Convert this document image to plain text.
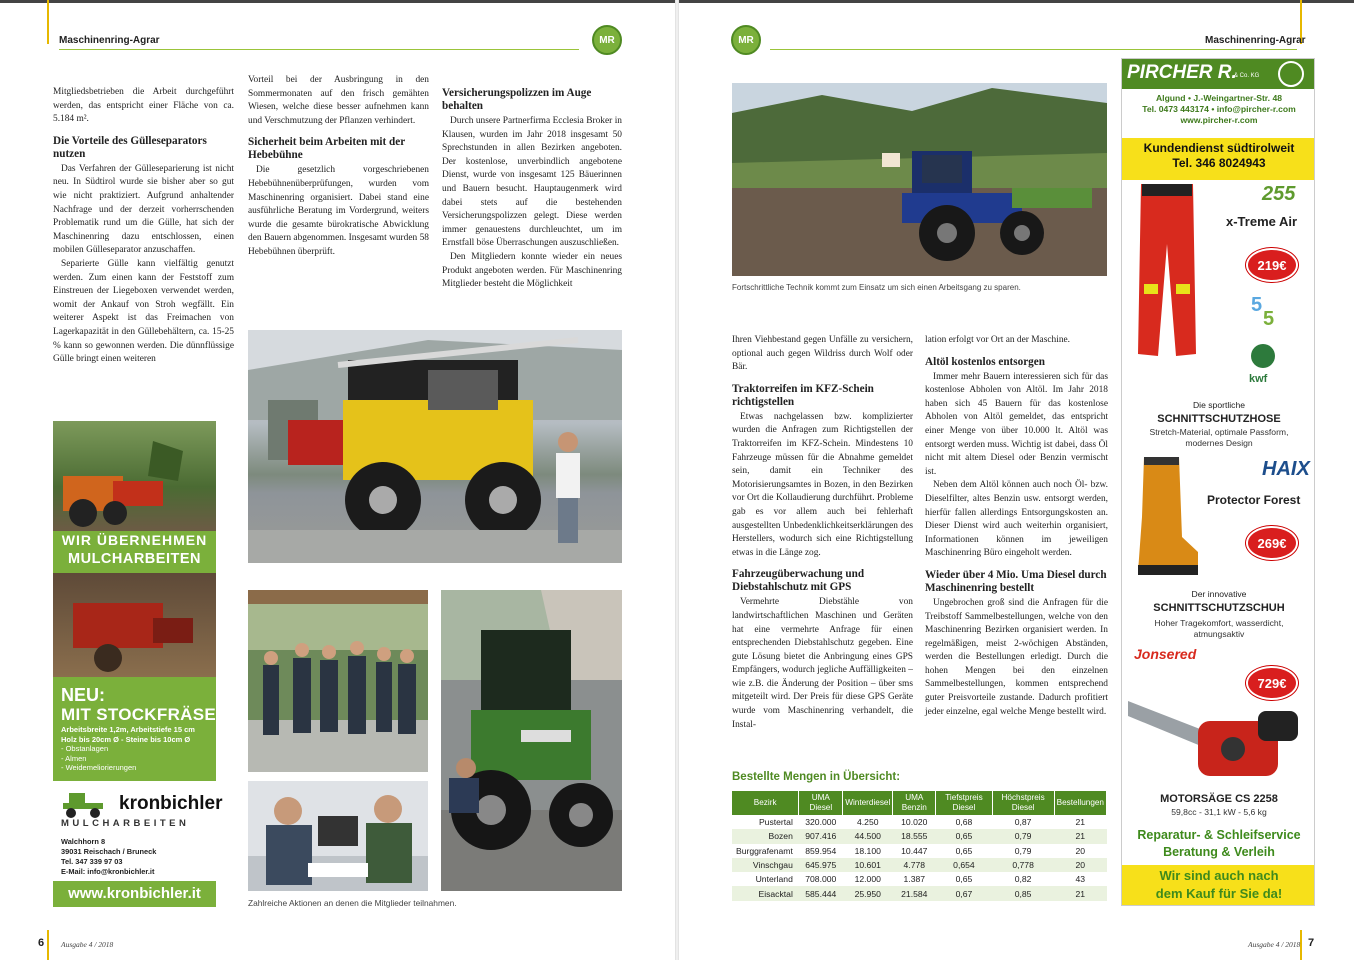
Maschinenring-Agrar	MR	MR	Maschinenring-Agrar

Mitgliedsbetrieben die Arbeit durchgeführt werden, das entspricht einer Fläche von ca. 5.184 m².

Die Vorteile des Gülleseparators nutzen

Das Verfahren der Gülleseparierung ist nicht neu. In Südtirol wurde sie bisher aber so gut wie nicht praktiziert. Aufgrund anhaltender Nachfrage und der derzeit vorherrschenden Problematik rund um die Gülle, hat sich der Maschinenring dazu entschlossen, einen mobilen Gülleseparator anzuschaffen.

Separierte Gülle kann vielfältig genutzt werden. Zum einen kann der Feststoff zum Einstreuen der Liegeboxen verwendet werden, womit der Ankauf von Stroh wegfällt. Ein weiterer Aspekt ist das Freimachen von Lagerkapazität in den Güllebehältern, ca. 15-25 % kann so gewonnen werden. Die dünnflüssige Gülle bringt einen weiteren

Vorteil bei der Ausbringung in den Sommermonaten auf den frisch gemähten Wiesen, welche diese besser aufnehmen kann und Verschmutzung der Pflanzen verhindert.

Sicherheit beim Arbeiten mit der Hebebühne

Die gesetzlich vorgeschriebenen Hebebühnenüberprüfungen, wurden vom Maschinenring organisiert. Dabei stand eine ausführliche Beratung im Vordergrund, weiters wurde die gesamte bürokratische Abwicklung den Bauern abgenommen. Insgesamt wurden 58 Hebebühnen überprüft.

Versicherungspolizzen im Auge behalten

Durch unsere Partnerfirma Ecclesia Broker in Klausen, wurden im Jahr 2018 insgesamt 50 Sprechstunden in allen Bezirken angeboten. Der kostenlose, unverbindlich angebotene Dienst, wurde von insgesamt 125 Bäuerinnen und Bauern besucht. Hauptaugenmerk wird dabei stets auf die bestehenden Versicherungspolizzen gelegt. Diese werden immer genauestens durchleuchtet, um im Ernstfall böse Überraschungen auszuschließen.

Den Mitgliedern konnte wieder ein neues Produkt angeboten werden. Für Maschinenring Mitglieder besteht die Möglichkeit

Zahlreiche Aktionen an denen die Mitglieder teilnahmen.
WIR ÜBERNEHMEN
MULCHARBEITEN
NEU:
MIT STOCKFRÄSE
Arbeitsbreite 1,2m, Arbeitstiefe 15 cm
Holz bis 20cm Ø - Steine bis 10cm Ø
- Obstanlagen
- Almen
- Weidemeliorierungen
kronbichler
MULCHARBEITEN
Walchhorn 8
39031 Reischach / Bruneck
Tel. 347 339 97 03
E-Mail: info@kronbichler.it
www.kronbichler.it
6 Ausgabe 4 / 2018
Fortschrittliche Technik kommt zum Einsatz um sich einen Arbeitsgang zu sparen.

Ihren Viehbestand gegen Unfälle zu versichern, optional auch gegen Wildriss durch Wolf oder Bär.

Traktorreifen im KFZ-Schein richtigstellen

Etwas nachgelassen bzw. komplizierter wurden die Anfragen zum Richtigstellen der Traktorreifen im KFZ-Schein. Mindestens 10 Fahrzeuge müssen für die Abnahme gemeldet sein, damit ein Techniker des Motorisierungsamtes in Bozen, in den Bezirken vor Ort die Kollaudierung durchführt. Probleme gab es vor allem auch bei fehlerhaft ausgestellten Unbedenklichkeitserklärungen des Herstellers, wodurch sich eine Richtigstellung etwas in die Länge zog.

Fahrzeugüberwachung und Diebstahlschutz mit GPS

Vermehrte Diebstähle von landwirtschaftlichen Maschinen und Geräten hat eine vermehrte Anfrage für einen entsprechenden Diebstahlschutz gegeben. Eine gute Lösung bietet die Anbringung eines GPS Empfängers, wodurch jegliche Auffälligkeiten – wie z.B. die Änderung der Position – über sms mitgeteilt wird. Der Preis für diese GPS Geräte wurde vom Maschinenring verhandelt, die Instal-

lation erfolgt vor Ort an der Maschine.

Altöl kostenlos entsorgen

Immer mehr Bauern interessieren sich für das kostenlose Abholen von Altöl. Im Jahr 2018 haben sich 45 Bauern für das kostenlose Abholen von Altöl gemeldet, das entspricht einer Menge von über 10.000 lt. Altöl was entsorgt werden muss. Wichtig ist dabei, dass Öl nicht mit altem Diesel oder Benzin vermischt ist.

Neben dem Altöl können auch noch Öl- bzw. Dieselfilter, altes Benzin usw. entsorgt werden, hierfür fallen allerdings Entsorgungskosten an. Dieser Dienst wird auch weiterhin organisiert, Informationen können im jeweiligen Maschinenring Büro eingeholt werden.

Wieder über 4 Mio. Uma Diesel durch Maschinenring bestellt

Ungebrochen groß sind die Anfragen für die Treibstoff Sammelbestellungen, welche von den Maschinenring Bezirken organisiert werden. In regelmäßigen, meist 2-wöchigen Abständen, werden die Bestellungen erledigt. Durch die hohen Mengen bei den einzelnen Sammelbestellungen, kommen entsprechend guter Preisvorteile zustande. Dadurch profitiert jeder einzelne, egal welche Menge bestellt wird.

Bestellte Mengen in Übersicht:
Bezirk	UMA Diesel	Winterdiesel	UMA Benzin	Tiefstpreis Diesel	Höchstpreis Diesel	Bestellungen
Pustertal	320.000	4.250	10.020	0,68	0,87	21
Bozen	907.416	44.500	18.555	0,65	0,79	21
Burggrafenamt	859.954	18.100	10.447	0,65	0,79	20
Vinschgau	645.975	10.601	4.778	0,654	0,778	20
Unterland	708.000	12.000	1.387	0,65	0,82	43
Eisacktal	585.444	25.950	21.584	0,67	0,85	21
Ausgabe 4 / 2018 7
PIRCHER R.
& Co. KG
Algund • J.-Weingartner-Str. 48
Tel. 0473 443174 • info@pircher-r.com
www.pircher-r.com
Kundendienst südtirolweit
Tel. 346 8024943
255
x-Treme Air
219€
5
5
kwf
Die sportliche
SCHNITTSCHUTZHOSE
Stretch-Material, optimale Passform,
modernes Design
HAIX
Protector Forest
269€
Der innovative
SCHNITTSCHUTZSCHUH
Hoher Tragekomfort, wasserdicht,
atmungsaktiv
Jonsered
729€
MOTORSÄGE CS 2258
59,8cc - 31,1 kW - 5,6 kg
Reparatur- & Schleifservice
Beratung & Verleih
Wir sind auch nach
dem Kauf für Sie da!
